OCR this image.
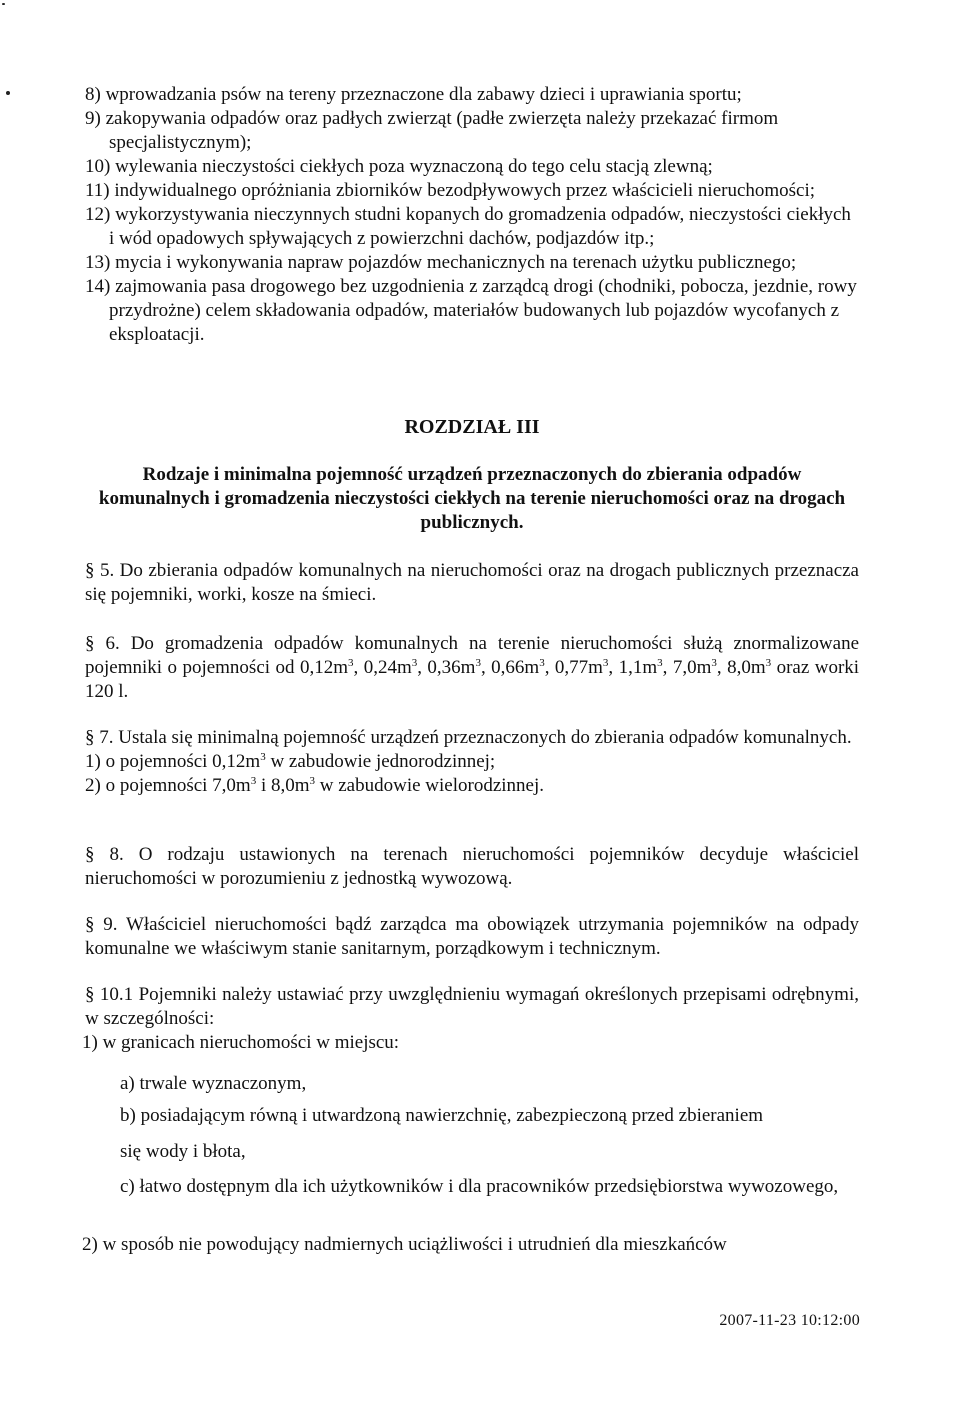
8) wprowadzania psów na tereny przeznaczone dla zabawy dzieci i uprawiania sportu;

9) zakopywania odpadów oraz padłych zwierząt (padłe zwierzęta należy przekazać firmom specjalistycznym);

10) wylewania nieczystości ciekłych poza wyznaczoną do tego celu stacją zlewną;

11) indywidualnego opróżniania zbiorników bezodpływowych przez właścicieli nieruchomości;

12) wykorzystywania nieczynnych studni kopanych do gromadzenia odpadów, nieczystości ciekłych i wód opadowych spływających z powierzchni dachów, podjazdów itp.;

13) mycia i wykonywania napraw pojazdów mechanicznych na terenach użytku publicznego;

14) zajmowania pasa drogowego bez uzgodnienia z zarządcą drogi (chodniki, pobocza, jezdnie, rowy przydrożne) celem składowania odpadów, materiałów budowanych lub pojazdów wycofanych z eksploatacji.

ROZDZIAŁ III

Rodzaje i minimalna pojemność urządzeń przeznaczonych do zbierania odpadów komunalnych i gromadzenia nieczystości ciekłych na terenie nieruchomości oraz na drogach publicznych.

§ 5. Do zbierania odpadów komunalnych na nieruchomości oraz na drogach publicznych przeznacza się pojemniki, worki, kosze na śmieci.

§ 6. Do gromadzenia odpadów komunalnych na terenie nieruchomości służą znormalizowane pojemniki o pojemności od $0,12m^3$, $0,24m^3$, $0,36m^3$, $0,66m^3$, $0,77m^3$, $1,1m^3$, $7,0m^3$, $8,0m^3$ oraz worki 120 l.

§ 7. Ustala się minimalną pojemność urządzeń przeznaczonych do zbierania odpadów komunalnych.

1) o pojemności $0,12m^3$ w zabudowie jednorodzinnej;

2) o pojemności $7,0m^3$ i $8,0m^3$ w zabudowie wielorodzinnej.

§ 8. O rodzaju ustawionych na terenach nieruchomości pojemników decyduje właściciel nieruchomości w porozumieniu z jednostką wywozową.

§ 9. Właściciel nieruchomości bądź zarządca ma obowiązek utrzymania pojemników na odpady komunalne we właściwym stanie sanitarnym, porządkowym i technicznym.

§ 10.1 Pojemniki należy ustawiać przy uwzględnieniu wymagań określonych przepisami odrębnymi, w szczególności:

1) w granicach nieruchomości w miejscu:

a) trwale wyznaczonym,

b) posiadającym równą i utwardzoną nawierzchnię, zabezpieczoną przed zbieraniem

się wody i błota,

c) łatwo dostępnym dla ich użytkowników i dla pracowników przedsiębiorstwa wywozowego,

2) w sposób nie powodujący nadmiernych uciążliwości i utrudnień dla mieszkańców

2007-11-23 10:12:00
